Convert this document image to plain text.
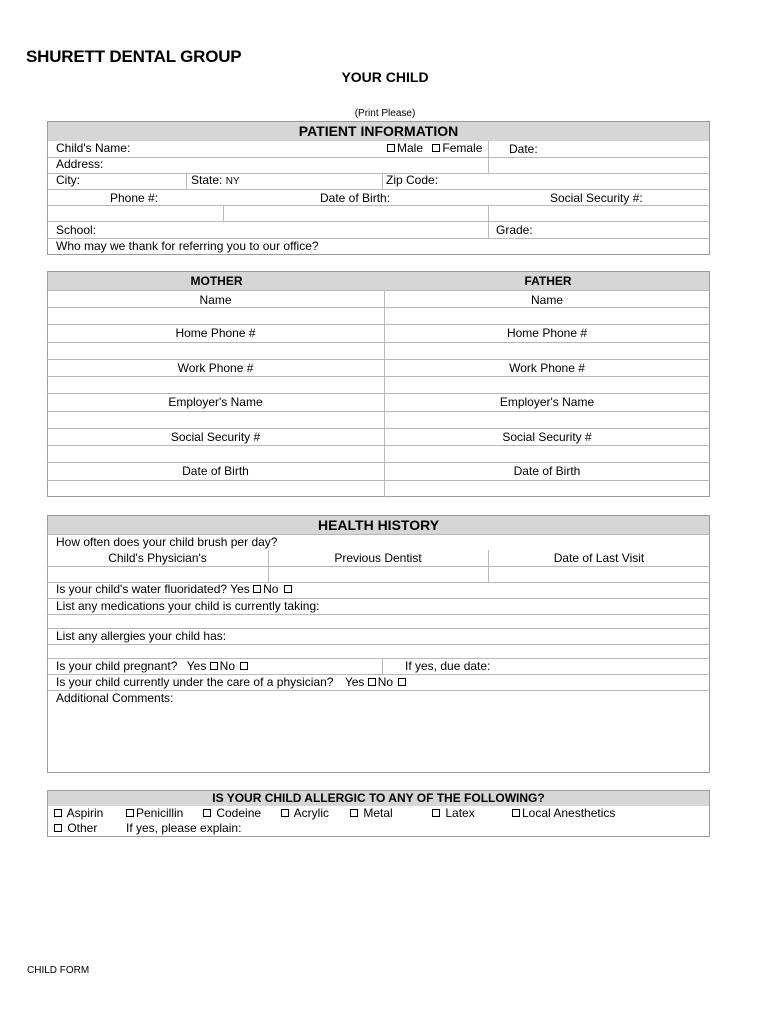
SHURETT DENTAL GROUP
YOUR CHILD
(Print Please)
PATIENT INFORMATION
Child's Name:	Male Female Date:
Address:
City:	State: NY	Zip Code:
Phone #:	Date of Birth:	Social Security #:
School:	Grade:
Who may we thank for referring you to our office?
MOTHER	FATHER
Name	Name
Home Phone #	Home Phone #
Work Phone #	Work Phone #
Employer's Name	Employer's Name
Social Security #	Social Security #
Date of Birth	Date of Birth
HEALTH HISTORY
How often does your child brush per day?
Child's Physician's	Previous Dentist	Date of Last Visit
Is your child's water fluoridated? Yes No
List any medications your child is currently taking:
List any allergies your child has:
Is your child pregnant? Yes No	If yes, due date:
Is your child currently under the care of a physician? Yes No
Additional Comments:
IS YOUR CHILD ALLERGIC TO ANY OF THE FOLLOWING?
Aspirin	Penicillin	Codeine	Acrylic	Metal	Latex	Local Anesthetics
Other If yes, please explain:
CHILD FORM
